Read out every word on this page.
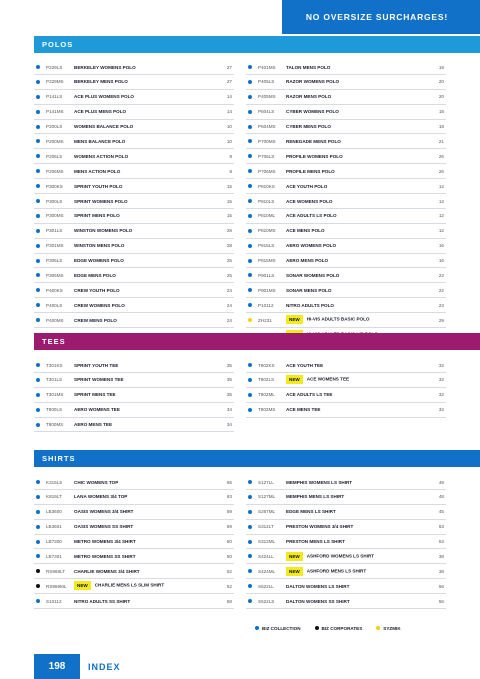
NO OVERSIZE SURCHARGES!
POLOS
P229LS	BERKELEY WOMENS POLO	27
P229MS BERKELEY MENS POLO	27
P141LS	ACE PLUS WOMENS POLO	14
P141MS ACE PLUS MENS POLO	14
P200LS	WOMENS BALANCE POLO	10
P200MS MENS BALANCE POLO	10
P206LS	WOMENS ACTION POLO	8
P206MS MENS ACTION POLO	8
P300KS SPRINT YOUTH POLO	15
P300LS	SPRINT WOMENS POLO	15
P300MS SPRINT MENS POLO	15
P301LS	WINSTON WOMENS POLO	28
P301MS WINSTON MENS POLO	28
P305LS	EDGE WOMENS POLO	25
P305MS EDGE MENS POLO	25
P400KS CREW YOUTH POLO	24
P400LS	CREW WOMENS POLO	24
P400MS CREW MENS POLO	24
P401MS TALON MENS POLO	19
P405LS	RAZOR WOMENS POLO	20
P405MS RAZOR MENS POLO	20
P604LS	CYBER WOMENS POLO	18
P604MS CYBER MENS POLO	18
P700MS RENEGADE MENS POLO	21
P706LS	PROFILE WOMENS POLO	26
P706MS PROFILE MENS POLO	26
P810KS ACE YOUTH POLO	12
P810LS	ACE WOMENS POLO	12
P810ML ACE ADULTS LS POLO	12
P810MS ACE MENS POLO	12
P815LS	AERO WOMENS POLO	16
P815MS AERO MENS POLO	16
P901LS	SONAR WOMENS POLO	22
P901MS SONAR MENS POLO	22
P10112	NITRO ADULTS POLO	23
ZH231	NEW HI-VIS ADULTS BASIC POLO	29
TEES
T301KS SPRINT YOUTH TEE	35
T301LS	SPRINT WOMENS TEE	35
T301MS SPRINT MENS TEE	35
T800LS	AERO WOMENS TEE	34
T800MS AERO MENS TEE	34
T802KS ACE YOUTH TEE	32
T802LS	NEW ACE WOMENS TEE	32
T802ML ACE ADULTS LS TEE	32
T802MS ACE MENS TEE	32
SHIRTS
K315LS	CHIC WOMENS TOP	65
K819LT	LANA WOMENS 3/4 TOP	63
LB3600	OASIS WOMENS 3/4 SHIRT	59
LB3601	OASIS WOMENS SS SHIRT	59
LB7300	METRO WOMENS 3/4 SHIRT	50
LB7301	METRO WOMENS SS SHIRT	50
RS968LT CHARLIE WOMENS 3/4 SHIRT	52
RS969ML	NEW CHARLIE MENS LS SLIM SHIRT	52
S10112	NITRO ADULTS SS SHIRT	58
S127LL	MEMPHIS WOMENS LS SHIRT	48
S127ML MEMPHIS MENS LS SHIRT	48
S267ML EDGE MENS LS SHIRT	45
S312LT	PRESTON WOMENS 3/4 SHIRT	53
S312ML PRESTON MENS LS SHIRT	53
S424LL	NEW ASHFORD WOMENS LS SHIRT	38
S424ML	NEW ASHFORD MENS LS SHIRT	38
S522LL	DALTON WOMENS LS SHIRT	56
S522LS	DALTON WOMENS SS SHIRT	56
BIZ COLLECTION	BIZ CORPORATES	SYZMIK
198	INDEX
